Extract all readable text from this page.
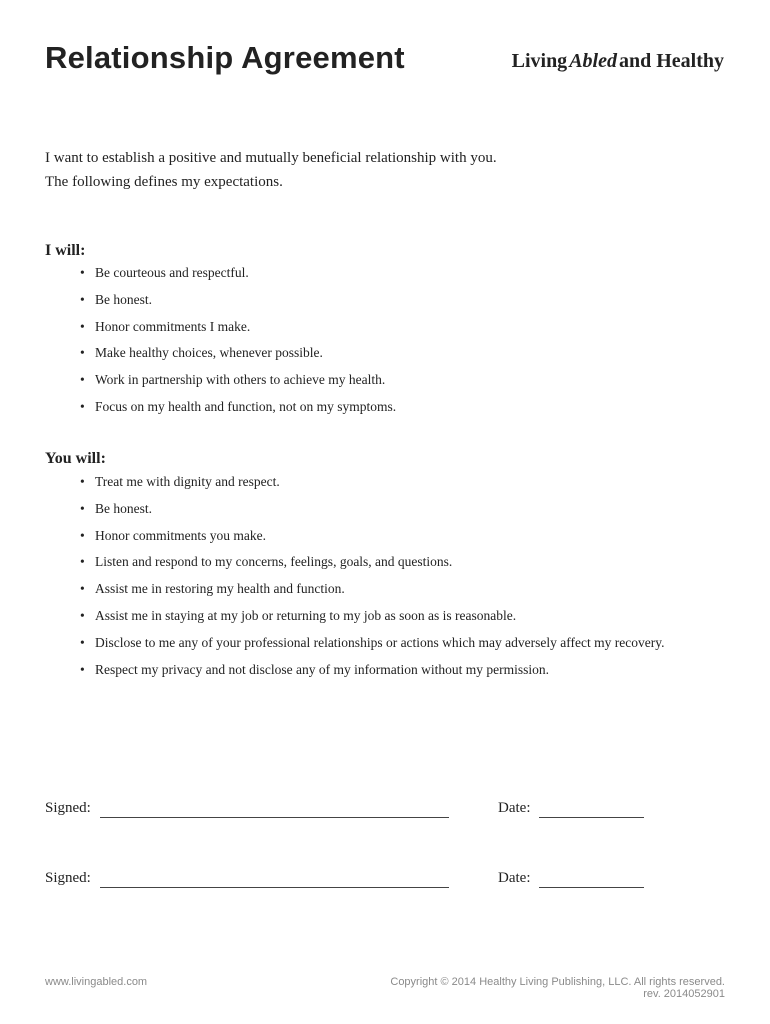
Relationship Agreement	Living Abled and Healthy
I want to establish a positive and mutually beneficial relationship with you.
The following defines my expectations.
I will:
• Be courteous and respectful.
• Be honest.
• Honor commitments I make.
• Make healthy choices, whenever possible.
• Work in partnership with others to achieve my health.
• Focus on my health and function, not on my symptoms.
You will:
• Treat me with dignity and respect.
• Be honest.
• Honor commitments you make.
• Listen and respond to my concerns, feelings, goals, and questions.
• Assist me in restoring my health and function.
• Assist me in staying at my job or returning to my job as soon as is reasonable.
• Disclose to me any of your professional relationships or actions which may adversely affect my recovery.
• Respect my privacy and not disclose any of my information without my permission.
Signed:	Date:
Signed:	Date:
www.livingabled.com	Copyright © 2014 Healthy Living Publishing, LLC. All rights reserved.
rev. 2014052901
